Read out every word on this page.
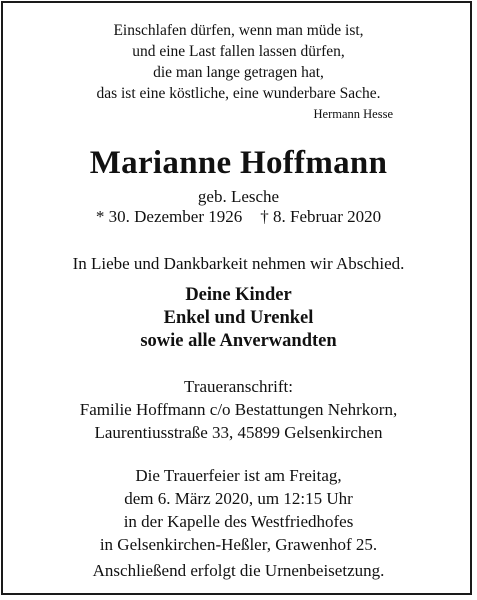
Einschlafen dürfen, wenn man müde ist,
und eine Last fallen lassen dürfen,
die man lange getragen hat,
das ist eine köstliche, eine wunderbare Sache.
Hermann Hesse
Marianne Hoffmann
geb. Lesche
* 30. Dezember 1926 † 8. Februar 2020
In Liebe und Dankbarkeit nehmen wir Abschied.
Deine Kinder
Enkel und Urenkel
sowie alle Anverwandten
Traueranschrift:
Familie Hoffmann c/o Bestattungen Nehrkorn,
Laurentiusstraße 33, 45899 Gelsenkirchen
Die Trauerfeier ist am Freitag,
dem 6. März 2020, um 12:15 Uhr
in der Kapelle des Westfriedhofes
in Gelsenkirchen-Heßler, Grawenhof 25.
Anschließend erfolgt die Urnenbeisetzung.
